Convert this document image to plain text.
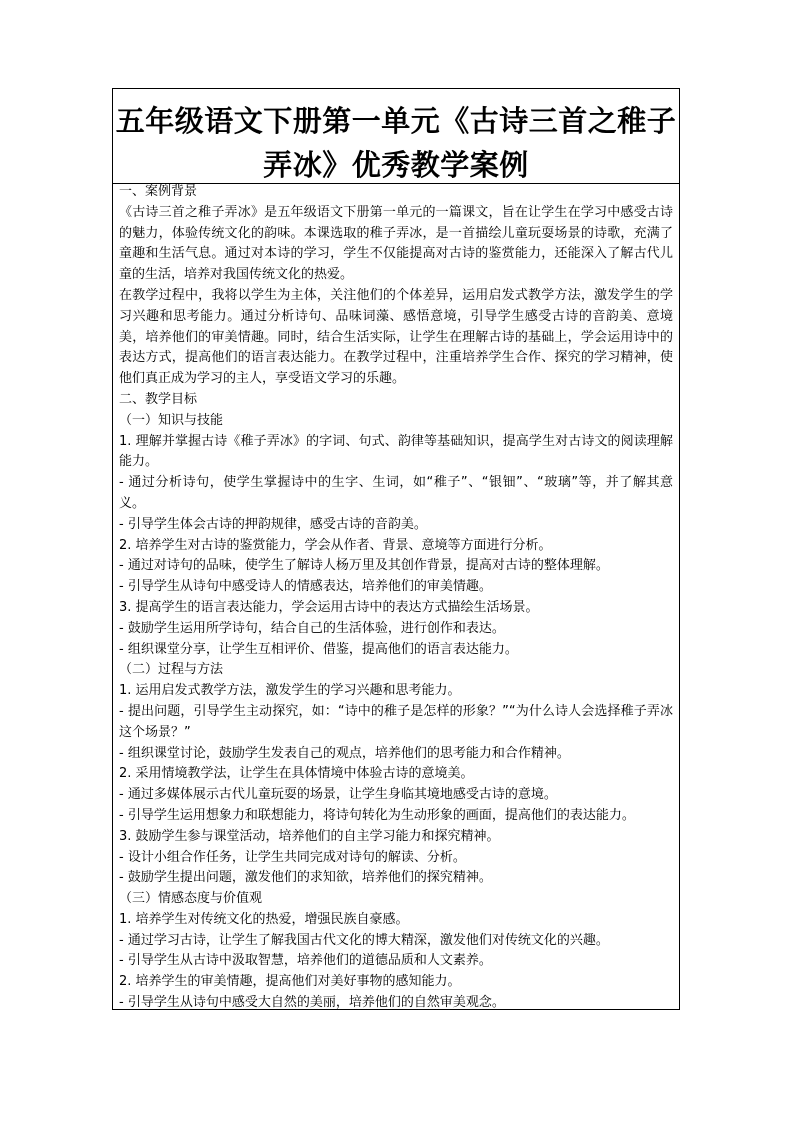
五年级语文下册第一单元《古诗三首之稚子
弄冰》优秀教学案例

一、案例背景

《古诗三首之稚子弄冰》是五年级语文下册第一单元的一篇课文，旨在让学生在学习中感受古诗的魅力，体验传统文化的韵味。本课选取的稚子弄冰，是一首描绘儿童玩耍场景的诗歌，充满了童趣和生活气息。通过对本诗的学习，学生不仅能提高对古诗的鉴赏能力，还能深入了解古代儿童的生活，培养对我国传统文化的热爱。

在教学过程中，我将以学生为主体，关注他们的个体差异，运用启发式教学方法，激发学生的学习兴趣和思考能力。通过分析诗句、品味词藻、感悟意境，引导学生感受古诗的音韵美、意境美，培养他们的审美情趣。同时，结合生活实际，让学生在理解古诗的基础上，学会运用诗中的表达方式，提高他们的语言表达能力。在教学过程中，注重培养学生合作、探究的学习精神，使他们真正成为学习的主人，享受语文学习的乐趣。

二、教学目标

（一）知识与技能

1. 理解并掌握古诗《稚子弄冰》的字词、句式、韵律等基础知识，提高学生对古诗文的阅读理解能力。

- 通过分析诗句，使学生掌握诗中的生字、生词，如“稚子”、“银钿”、“玻璃”等，并了解其意义。

- 引导学生体会古诗的押韵规律，感受古诗的音韵美。

2. 培养学生对古诗的鉴赏能力，学会从作者、背景、意境等方面进行分析。

- 通过对诗句的品味，使学生了解诗人杨万里及其创作背景，提高对古诗的整体理解。

- 引导学生从诗句中感受诗人的情感表达，培养他们的审美情趣。

3. 提高学生的语言表达能力，学会运用古诗中的表达方式描绘生活场景。

- 鼓励学生运用所学诗句，结合自己的生活体验，进行创作和表达。

- 组织课堂分享，让学生互相评价、借鉴，提高他们的语言表达能力。

（二）过程与方法

1. 运用启发式教学方法，激发学生的学习兴趣和思考能力。

- 提出问题，引导学生主动探究，如：“诗中的稚子是怎样的形象？”“为什么诗人会选择稚子弄冰这个场景？”

- 组织课堂讨论，鼓励学生发表自己的观点，培养他们的思考能力和合作精神。

2. 采用情境教学法，让学生在具体情境中体验古诗的意境美。

- 通过多媒体展示古代儿童玩耍的场景，让学生身临其境地感受古诗的意境。

- 引导学生运用想象力和联想能力，将诗句转化为生动形象的画面，提高他们的表达能力。

3. 鼓励学生参与课堂活动，培养他们的自主学习能力和探究精神。

- 设计小组合作任务，让学生共同完成对诗句的解读、分析。

- 鼓励学生提出问题，激发他们的求知欲，培养他们的探究精神。

（三）情感态度与价值观

1. 培养学生对传统文化的热爱，增强民族自豪感。

- 通过学习古诗，让学生了解我国古代文化的博大精深，激发他们对传统文化的兴趣。

- 引导学生从古诗中汲取智慧，培养他们的道德品质和人文素养。

2. 培养学生的审美情趣，提高他们对美好事物的感知能力。

- 引导学生从诗句中感受大自然的美丽，培养他们的自然审美观念。
